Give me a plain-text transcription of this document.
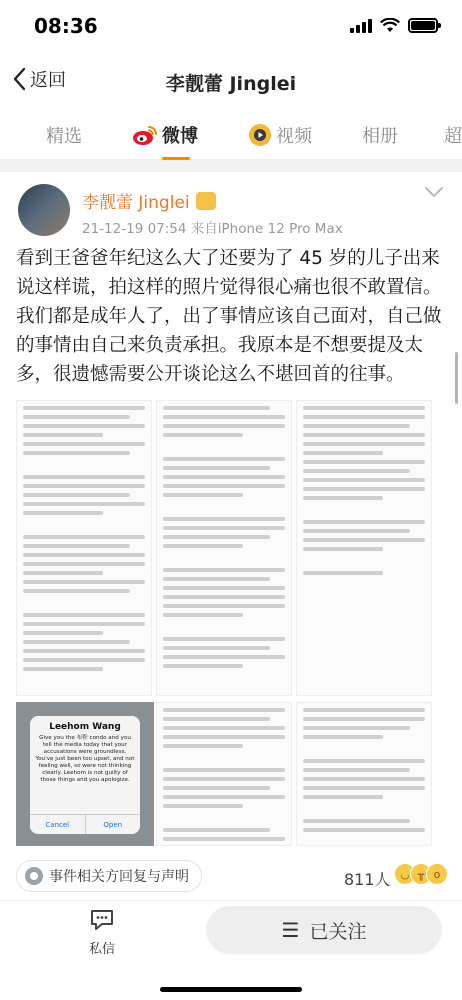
08:36
返回	李靓蕾 Jinglei
精选	微博	视频	相册	超
李靓蕾 Jinglei
21-12-19 07:54 来自iPhone 12 Pro Max
看到王爸爸年纪这么大了还要为了 45 岁的儿子出来说这样谎，拍这样的照片觉得很心痛也很不敢置信。我们都是成年人了，出了事情应该自己面对，自己做的事情由自己来负责承担。我原本是不想要提及太多，很遗憾需要公开谈论这么不堪回首的往事。
Leehom Wang
Give you the 布鞋 condo and you tell the media today that your accusations were groundless. You've just been too upset, and not feeling well, so were not thinking clearly. Leehom is not guilty of those things and you apologize.
Cancel	Open
事件相关方回复与声明	811人 ◡ ╥ o
私信
☰ 已关注
